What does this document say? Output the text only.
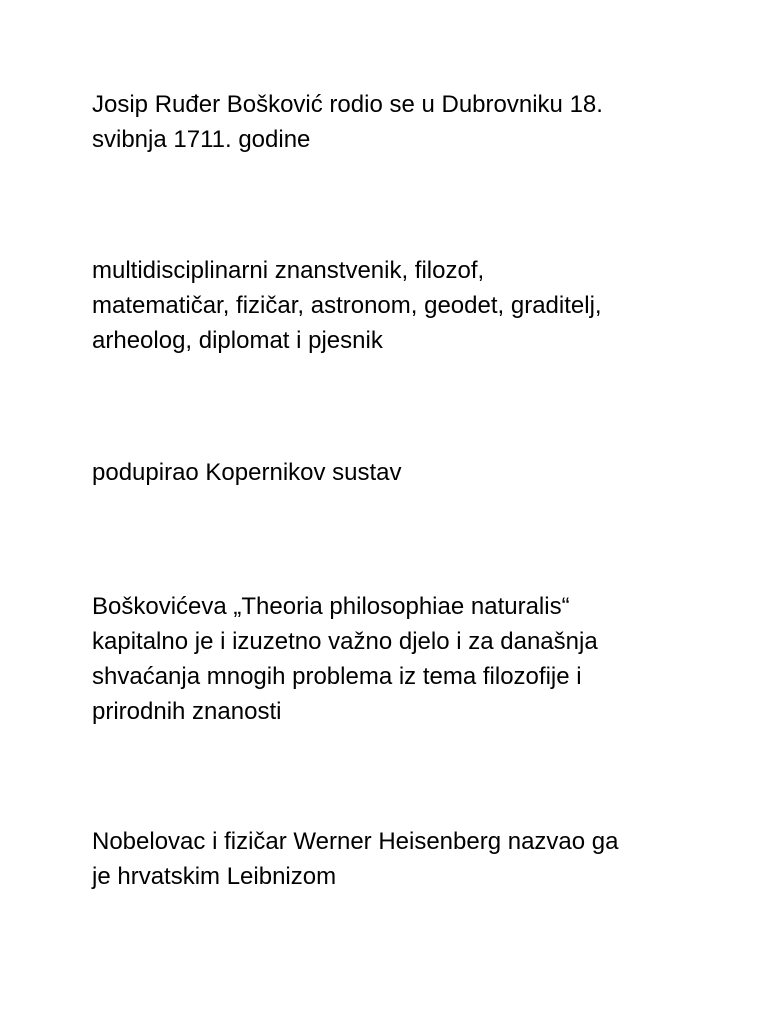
Josip Ruđer Bošković rodio se u Dubrovniku 18.
svibnja 1711. godine

multidisciplinarni znanstvenik, filozof,
matematičar, fizičar, astronom, geodet, graditelj,
arheolog, diplomat i pjesnik

podupirao Kopernikov sustav

Boškovićeva „Theoria philosophiae naturalis“
kapitalno je i izuzetno važno djelo i za današnja
shvaćanja mnogih problema iz tema filozofije i
prirodnih znanosti

Nobelovac i fizičar Werner Heisenberg nazvao ga
je hrvatskim Leibnizom
